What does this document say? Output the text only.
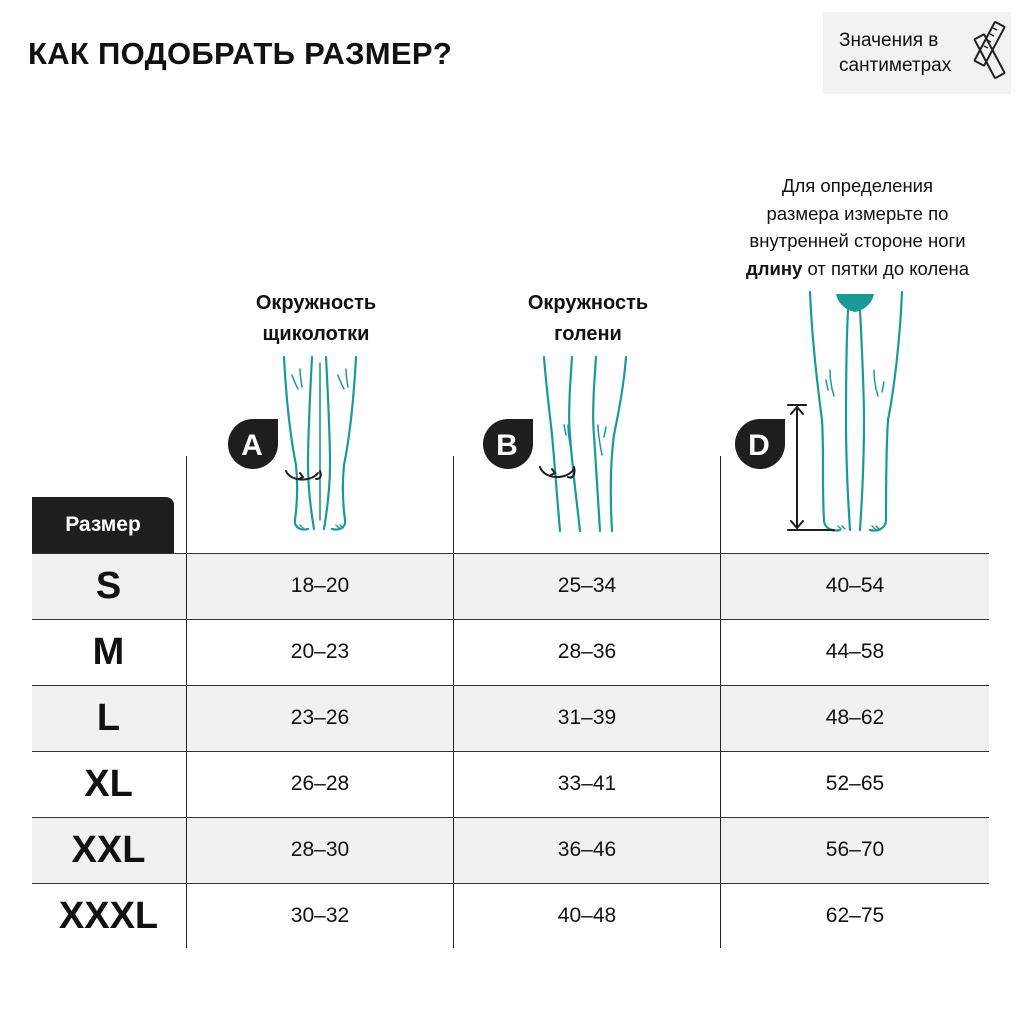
КАК ПОДОБРАТЬ РАЗМЕР?	Значения в
сантиметрах
Для определения
размера измерьте по
внутренней стороне ноги
длину от пятки до колена
Окружность
щиколотки
Окружность
голени
A	B	D
Размер
S	18–20	25–34	40–54
M	20–23	28–36	44–58
L	23–26	31–39	48–62
XL	26–28	33–41	52–65
XXL	28–30	36–46	56–70
XXXL	30–32	40–48	62–75
